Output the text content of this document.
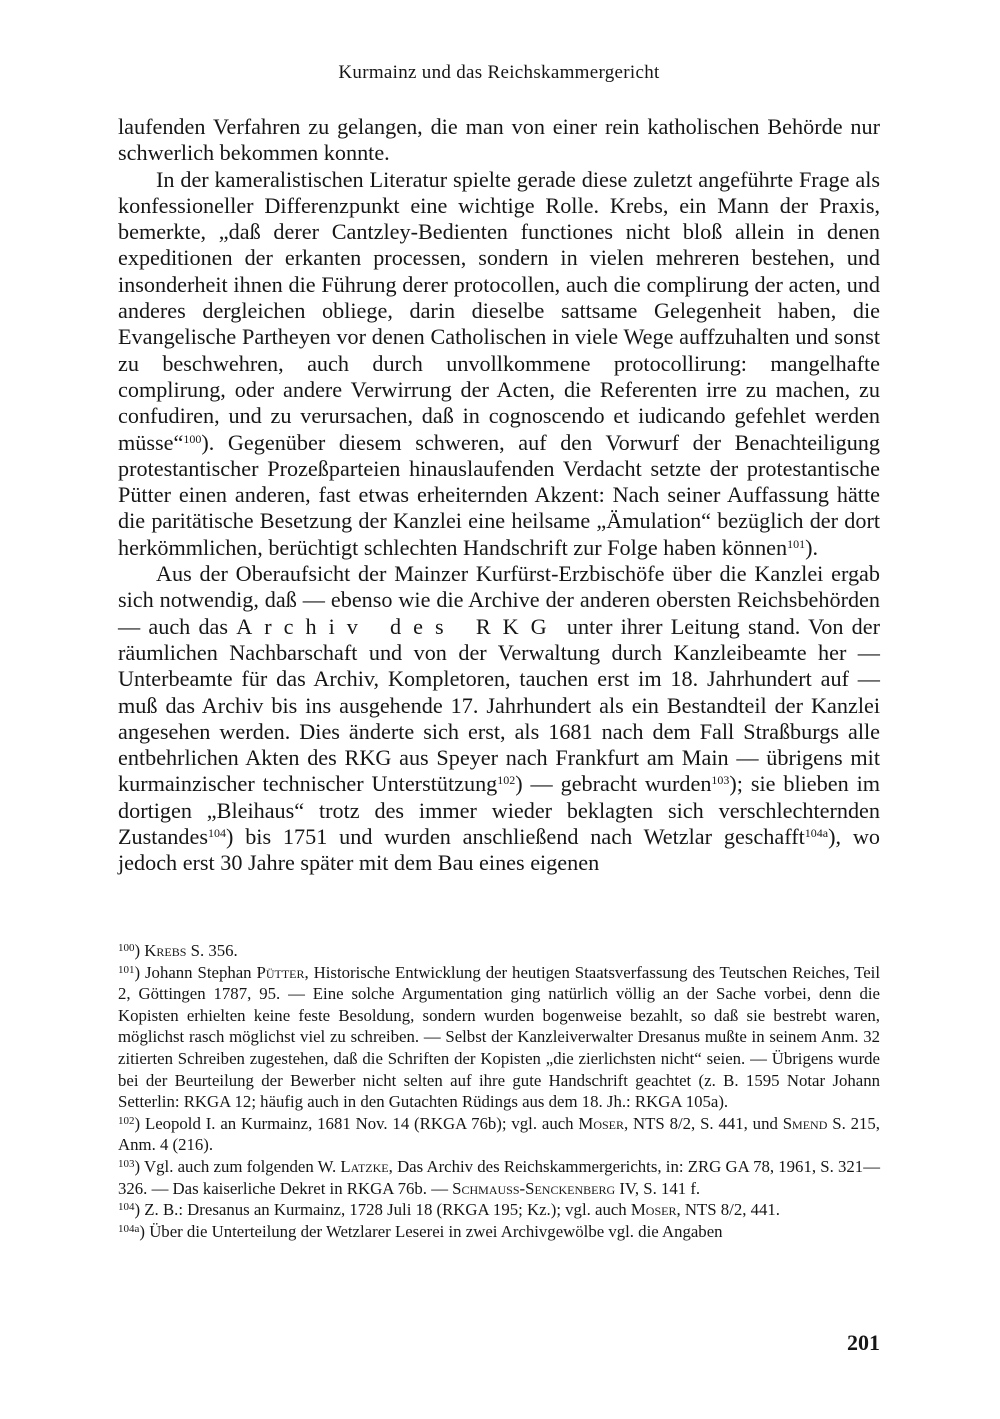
Kurmainz und das Reichskammergericht

laufenden Verfahren zu gelangen, die man von einer rein katholischen Behörde nur schwerlich bekommen konnte.

In der kameralistischen Literatur spielte gerade diese zuletzt angeführte Frage als konfessioneller Differenzpunkt eine wichtige Rolle. Krebs, ein Mann der Praxis, bemerkte, „daß derer Cantzley-Bedienten functiones nicht bloß allein in denen expeditionen der erkanten processen, sondern in vielen mehreren bestehen, und insonderheit ihnen die Führung derer protocollen, auch die complirung der acten, und anderes dergleichen obliege, darin dieselbe sattsame Gelegenheit haben, die Evangelische Partheyen vor denen Catholischen in viele Wege auffzuhalten und sonst zu beschwehren, auch durch unvollkommene protocollirung: mangelhafte complirung, oder andere Verwirrung der Acten, die Referenten irre zu machen, zu confudiren, und zu verursachen, daß in cognoscendo et iudicando gefehlet werden müsse“$^{100}$). Gegenüber diesem schweren, auf den Vorwurf der Benachteiligung protestantischer Prozeßparteien hinauslaufenden Verdacht setzte der protestantische Pütter einen anderen, fast etwas erheiternden Akzent: Nach seiner Auffassung hätte die paritätische Besetzung der Kanzlei eine heilsame „Ämulation“ bezüglich der dort herkömmlichen, berüchtigt schlechten Handschrift zur Folge haben können$^{101}$).

Aus der Oberaufsicht der Mainzer Kurfürst-Erzbischöfe über die Kanzlei ergab sich notwendig, daß — ebenso wie die Archive der anderen obersten Reichsbehörden — auch das Archiv des RKG unter ihrer Leitung stand. Von der räumlichen Nachbarschaft und von der Verwaltung durch Kanzleibeamte her — Unterbeamte für das Archiv, Kompletoren, tauchen erst im 18. Jahrhundert auf — muß das Archiv bis ins ausgehende 17. Jahrhundert als ein Bestandteil der Kanzlei angesehen werden. Dies änderte sich erst, als 1681 nach dem Fall Straßburgs alle entbehrlichen Akten des RKG aus Speyer nach Frankfurt am Main — übrigens mit kurmainzischer technischer Unterstützung$^{102}$) — gebracht wurden$^{103}$); sie blieben im dortigen „Bleihaus“ trotz des immer wieder beklagten sich verschlechternden Zustandes$^{104}$) bis 1751 und wurden anschließend nach Wetzlar geschafft$^{104a}$), wo jedoch erst 30 Jahre später mit dem Bau eines eigenen

$^{100}$) Krebs S. 356.

$^{101}$) Johann Stephan Pütter, Historische Entwicklung der heutigen Staatsverfassung des Teutschen Reiches, Teil 2, Göttingen 1787, 95. — Eine solche Argumentation ging natürlich völlig an der Sache vorbei, denn die Kopisten erhielten keine feste Besoldung, sondern wurden bogenweise bezahlt, so daß sie bestrebt waren, möglichst rasch möglichst viel zu schreiben. — Selbst der Kanzleiverwalter Dresanus mußte in seinem Anm. 32 zitierten Schreiben zugestehen, daß die Schriften der Kopisten „die zierlichsten nicht“ seien. — Übrigens wurde bei der Beurteilung der Bewerber nicht selten auf ihre gute Handschrift geachtet (z. B. 1595 Notar Johann Setterlin: RKGA 12; häufig auch in den Gutachten Rüdings aus dem 18. Jh.: RKGA 105a).

$^{102}$) Leopold I. an Kurmainz, 1681 Nov. 14 (RKGA 76b); vgl. auch Moser, NTS 8/2, S. 441, und Smend S. 215, Anm. 4 (216).

$^{103}$) Vgl. auch zum folgenden W. Latzke, Das Archiv des Reichskammergerichts, in: ZRG GA 78, 1961, S. 321—326. — Das kaiserliche Dekret in RKGA 76b. — Schmauss-Senckenberg IV, S. 141 f.

$^{104}$) Z. B.: Dresanus an Kurmainz, 1728 Juli 18 (RKGA 195; Kz.); vgl. auch Moser, NTS 8/2, 441.

$^{104a}$) Über die Unterteilung der Wetzlarer Leserei in zwei Archivgewölbe vgl. die Angaben

201
